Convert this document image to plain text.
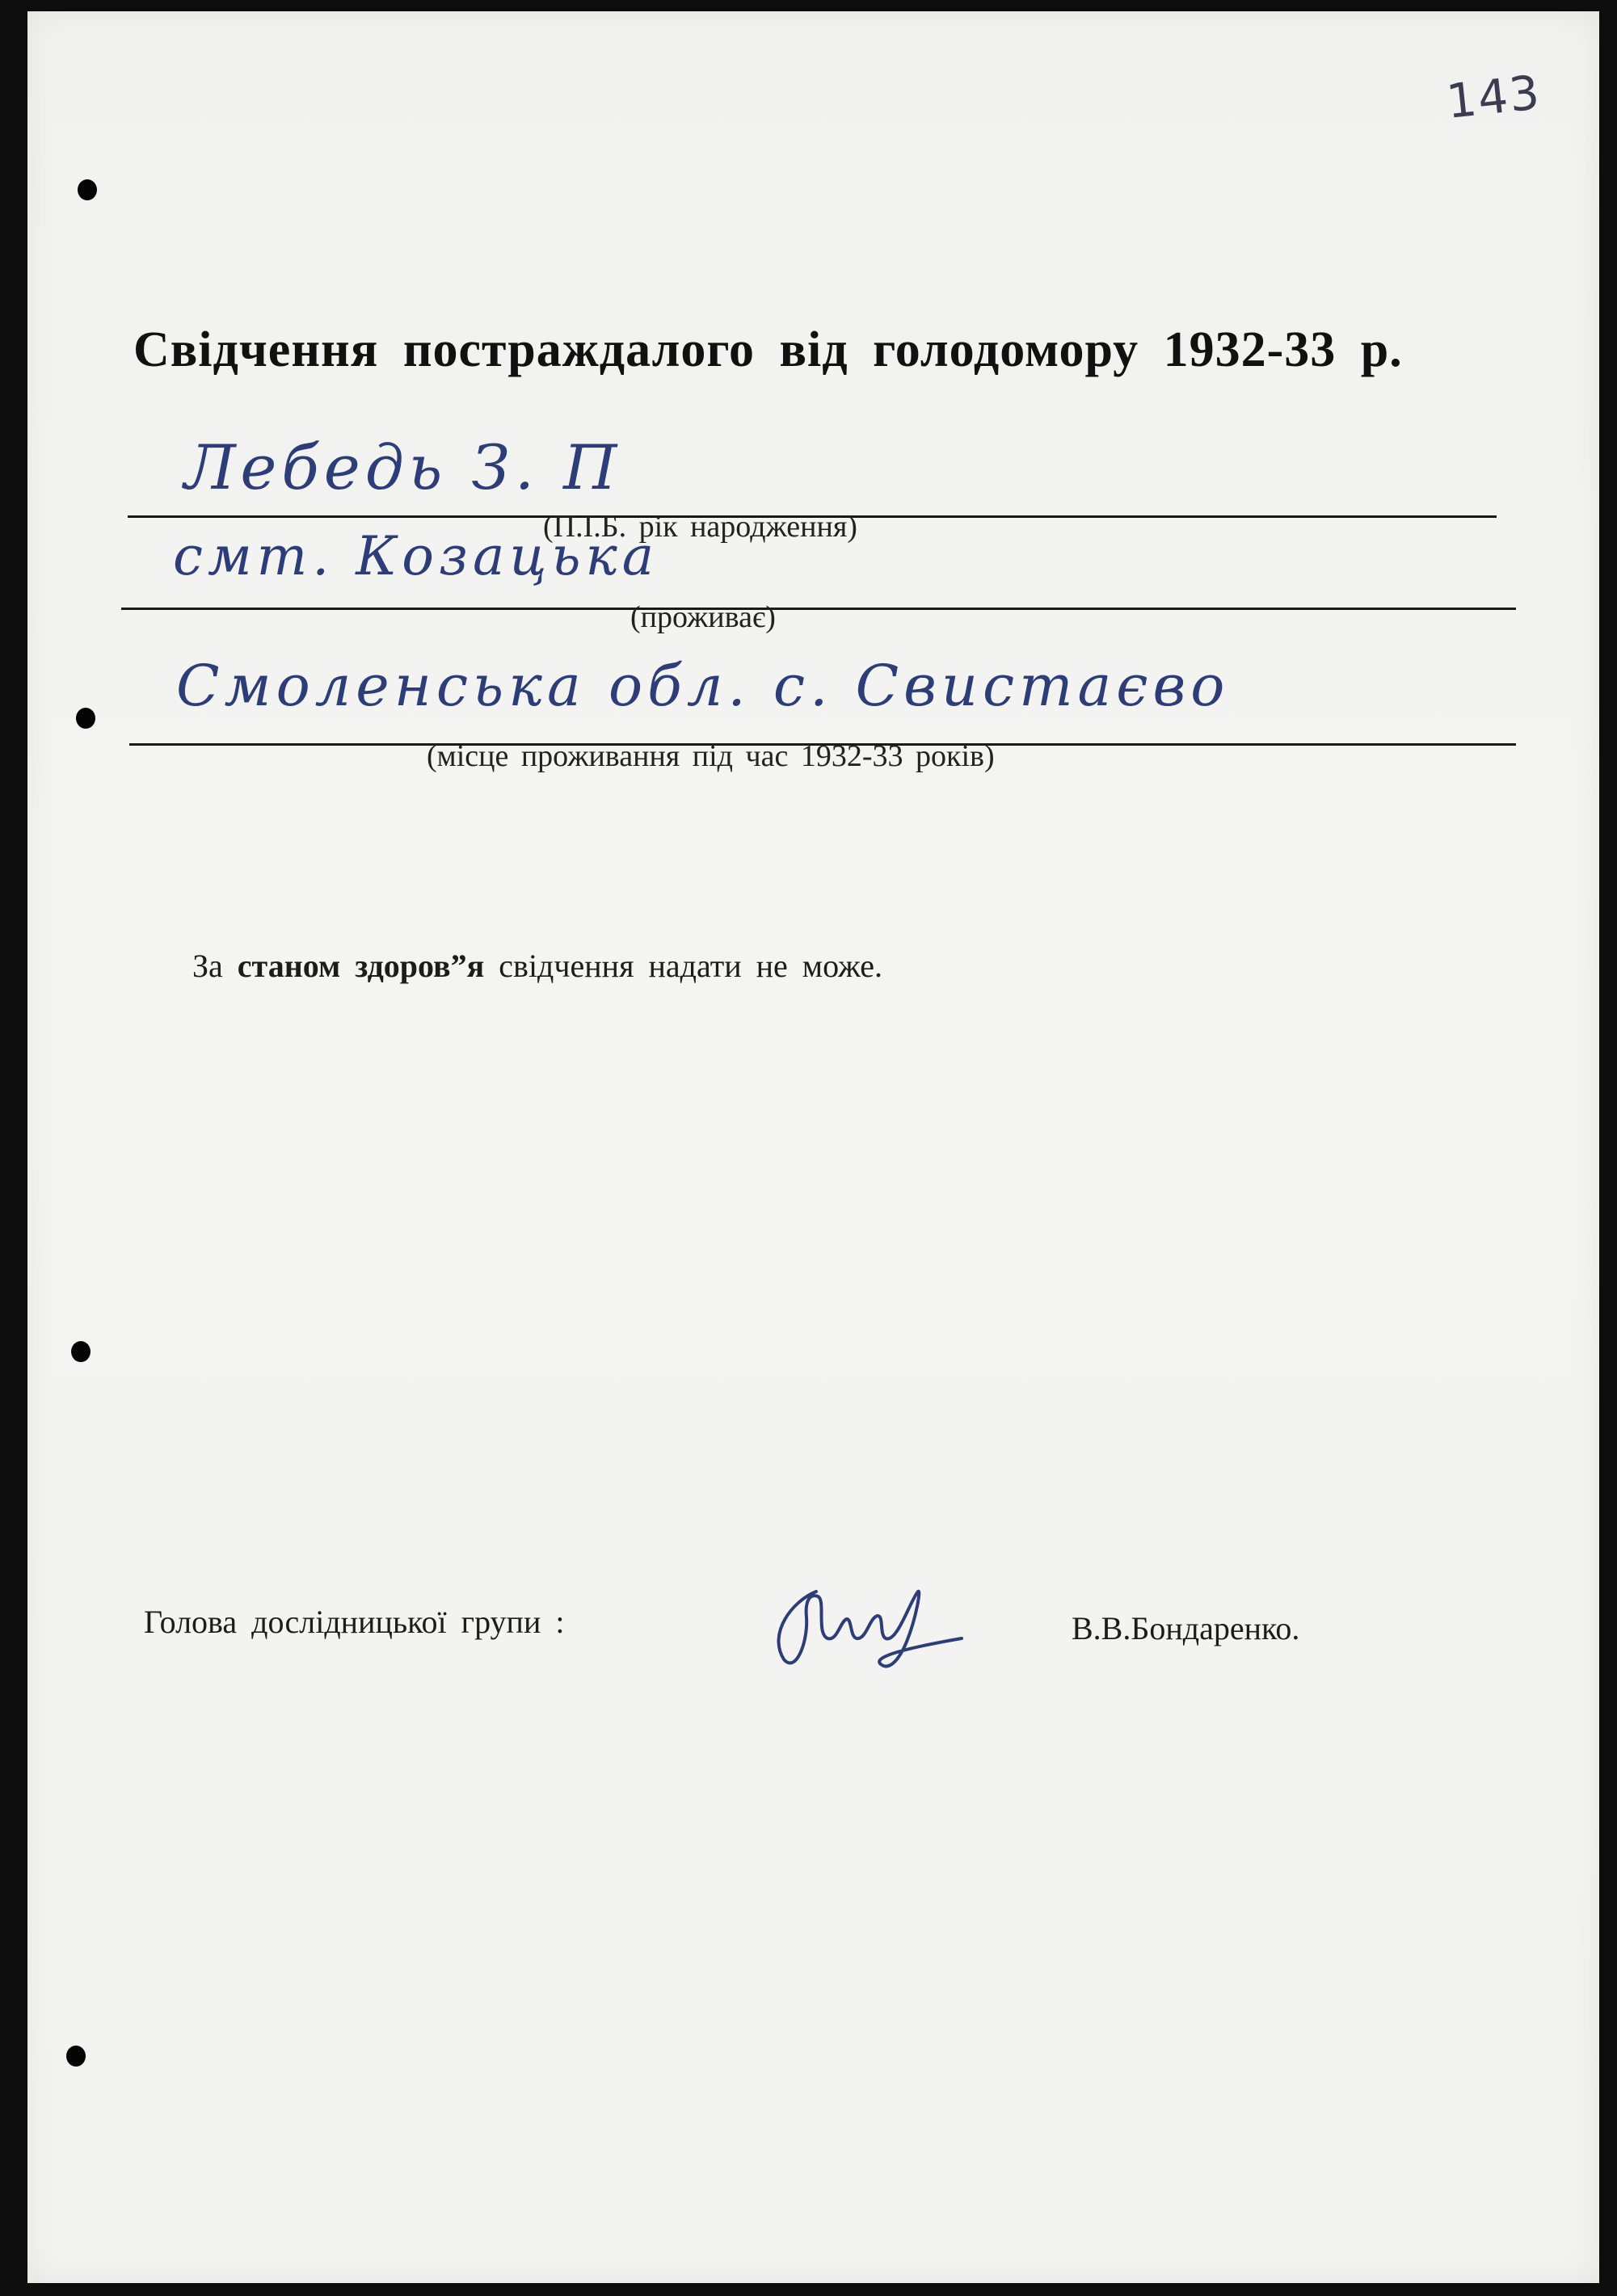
143
Свідчення постраждалого від голодомору 1932-33 р.
Лебедь З. П
(П.І.Б. рік народження)
смт. Козацька
(проживає)
Смоленська обл. с. Свистаєво
(місце проживання під час 1932-33 років)
За станом здоров”я свідчення надати не може.
Голова дослідницької групи :	В.В.Бондаренко.
